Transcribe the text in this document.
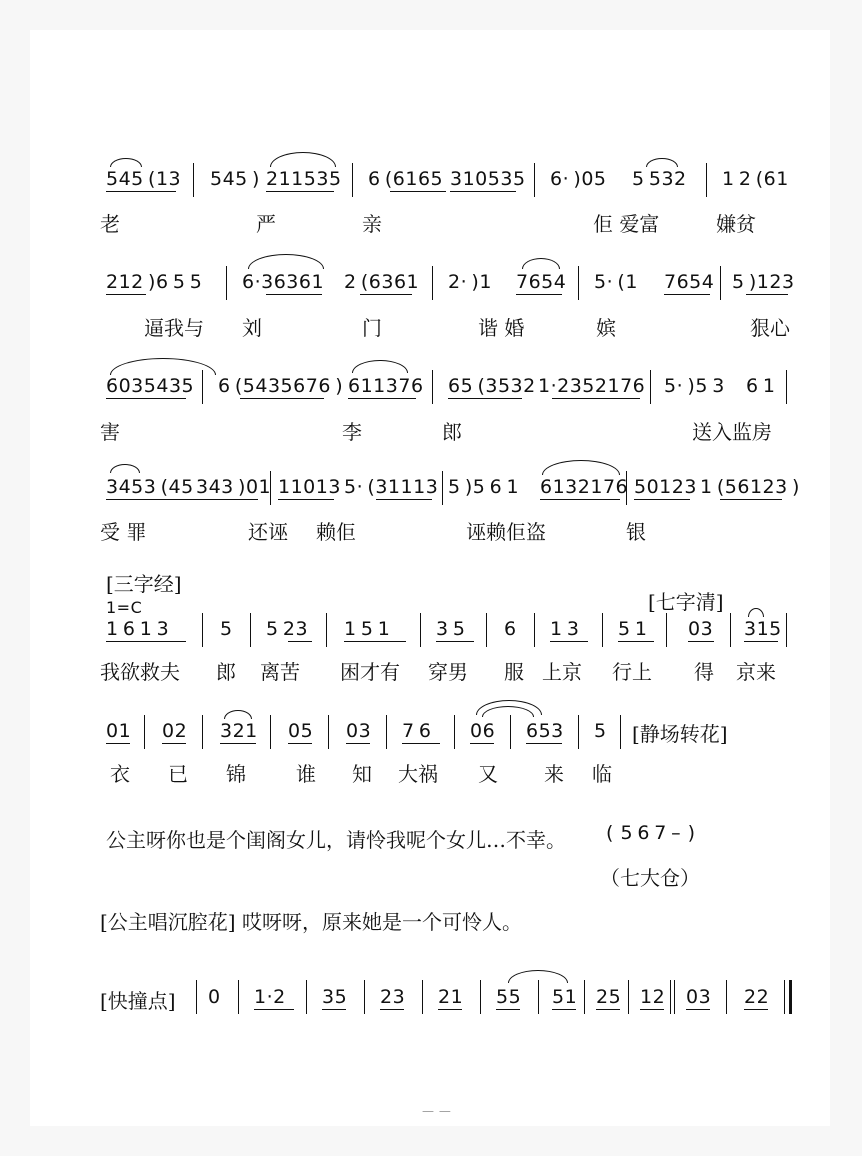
545 (13 545 ) 211535 6 (6165 310535 6· )05 5 532 1 2 (61
老	严	亲	佢 爱富	嫌贫
212 )6 5 5 6·36361 2 (6361 2· )1 7654 5· (1 7654 5 )123
逼我与 刘	门	谐 婚	嫔	狠心
6035435 6 (5435676 ) 611376 65 (3532 1·2352176 5· )5 3 6 1
害	李	郎	送入监房
3453 (45 343 )01 11013 5· (31113 5 )5 6 1 6132176 50123 1 (56123 )
受 罪	还诬 赖佢	诬赖佢盗	银
[三字经]
1=C	[七字清]
1 6 1 3	5 5 23 1 5 1 3 5 6 1 3 5 1 03 315
我欲救夫 郎 离苦 困才有 穿男 服 上京 行上 得 京来
01 02 321 05 03 7 6 06 653 5 [静场转花]
衣 已 锦	谁 知 大祸 又 来 临
公主呀你也是个闺阁女儿，请怜我呢个女儿…不幸。 ( 5 6 7 – )
（七大仓）
[公主唱沉腔花] 哎呀呀，原来她是一个可怜人。
[快撞点] 0 1·2 35 23 21 55 51 25 12 03 22
— —
